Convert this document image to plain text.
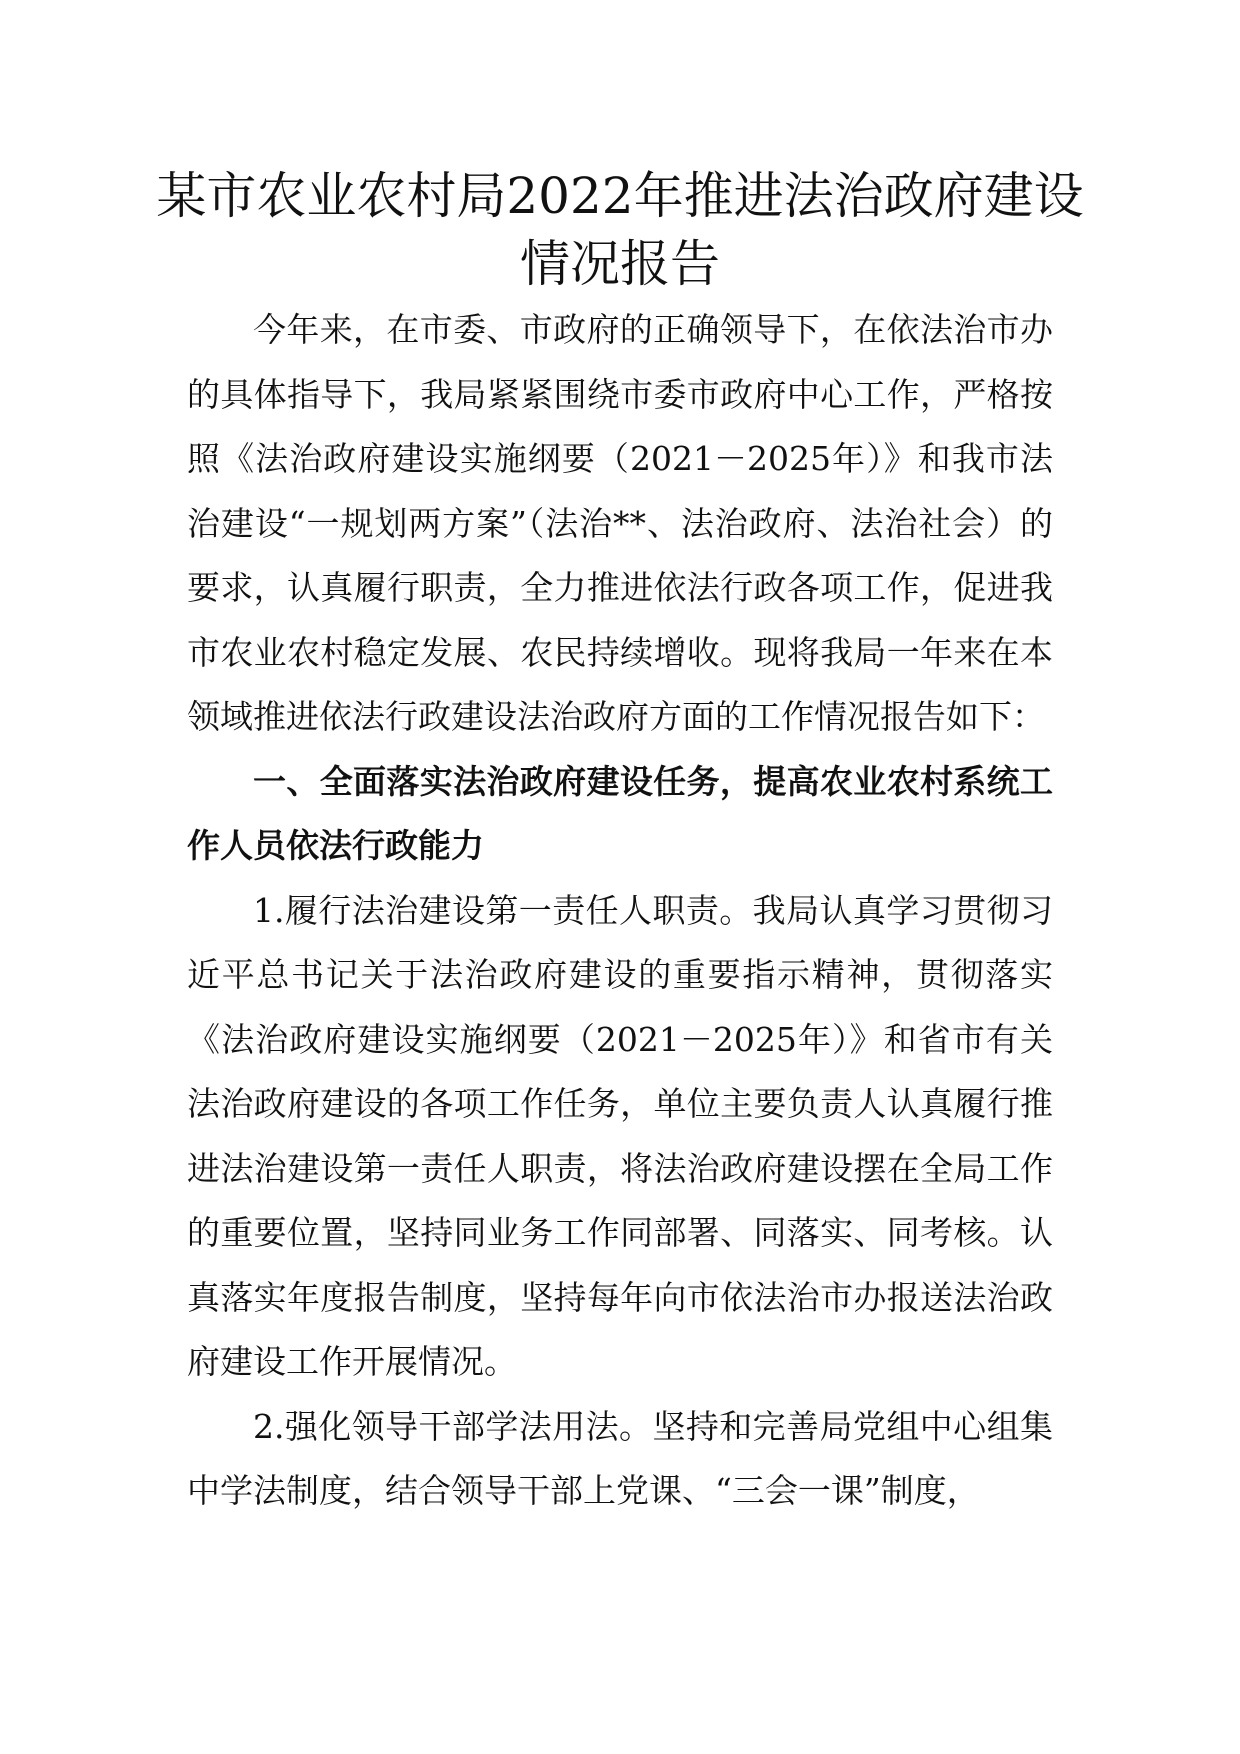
某市农业农村局2022年推进法治政府建设
情况报告

今年来，在市委、市政府的正确领导下，在依法治市办的具体指导下，我局紧紧围绕市委市政府中心工作，严格按照《法治政府建设实施纲要（2021－2025年）》和我市法治建设“一规划两方案”（法治**、法治政府、法治社会）的要求，认真履行职责，全力推进依法行政各项工作，促进我市农业农村稳定发展、农民持续增收。现将我局一年来在本领域推进依法行政建设法治政府方面的工作情况报告如下：

一、全面落实法治政府建设任务，提高农业农村系统工作人员依法行政能力

1.履行法治建设第一责任人职责。我局认真学习贯彻习近平总书记关于法治政府建设的重要指示精神，贯彻落实《法治政府建设实施纲要（2021－2025年）》和省市有关法治政府建设的各项工作任务，单位主要负责人认真履行推进法治建设第一责任人职责，将法治政府建设摆在全局工作的重要位置，坚持同业务工作同部署、同落实、同考核。认真落实年度报告制度，坚持每年向市依法治市办报送法治政府建设工作开展情况。

2.强化领导干部学法用法。坚持和完善局党组中心组集中学法制度，结合领导干部上党课、“三会一课”制度，
